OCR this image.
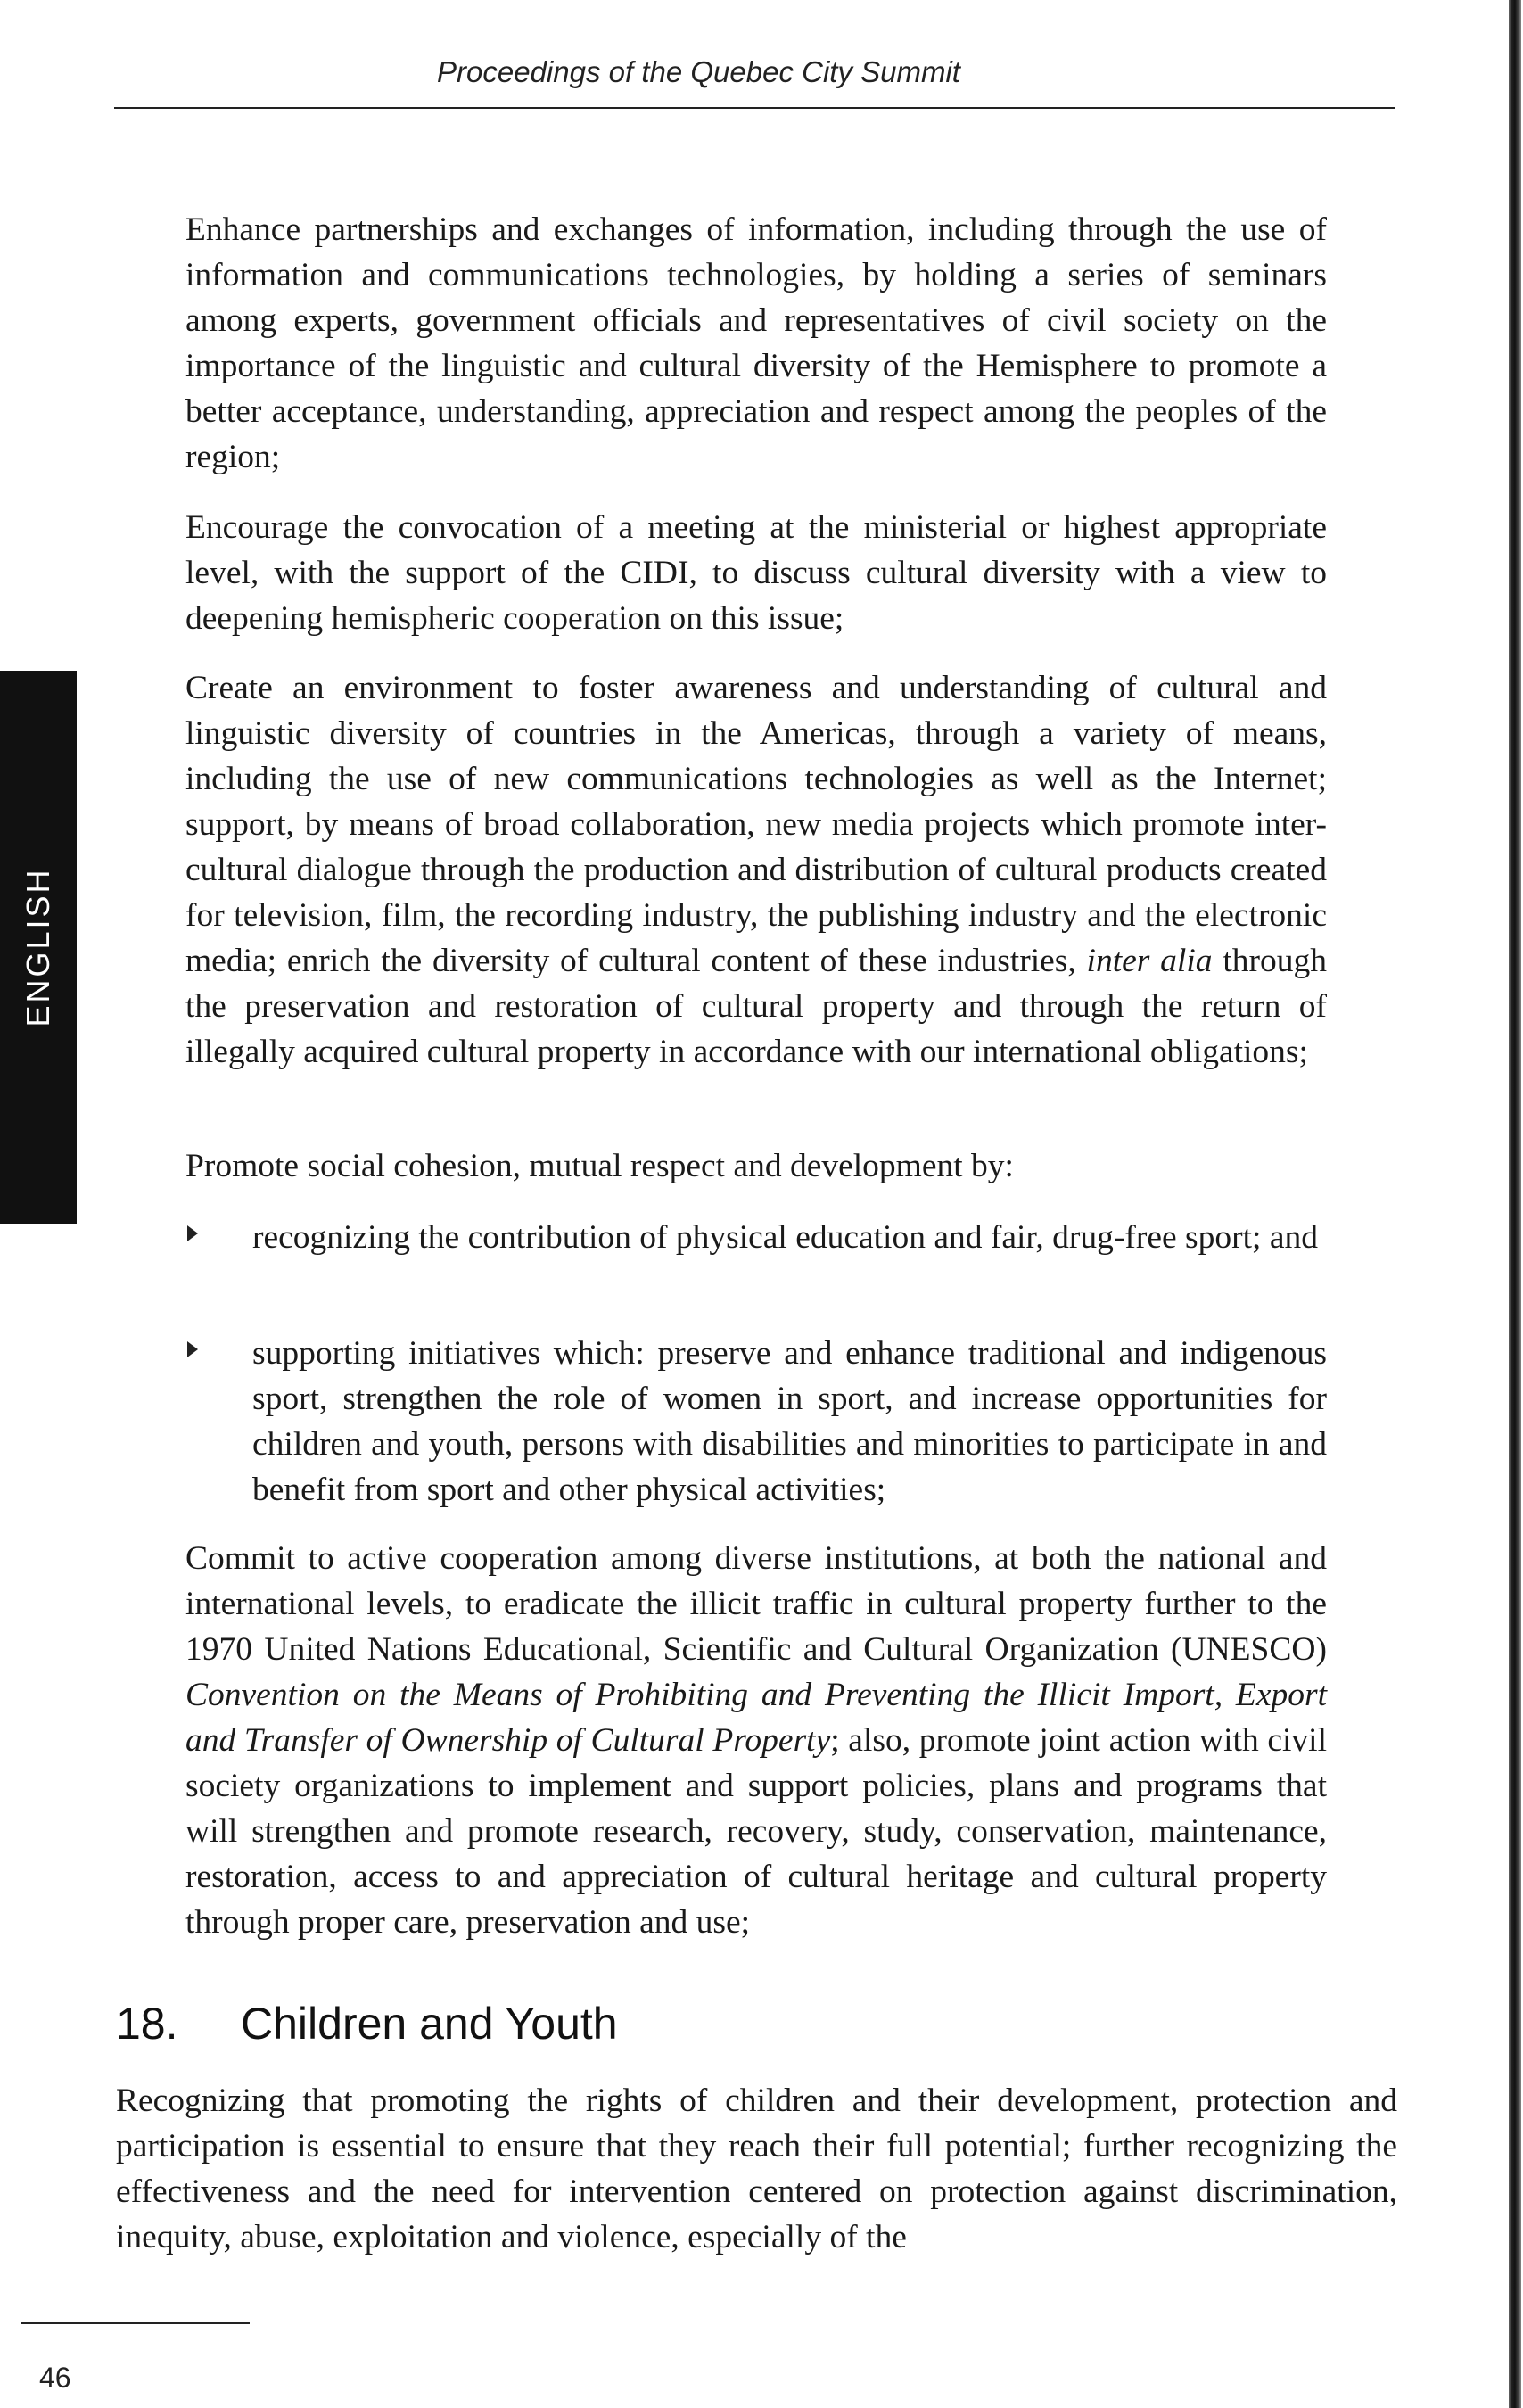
Proceedings of the Quebec City Summit
ENGLISH

Enhance partnerships and exchanges of information, including through the use of information and communications technologies, by holding a series of seminars among experts, government officials and representatives of civil society on the importance of the linguistic and cultural diversity of the Hemisphere to promote a better acceptance, understanding, appreciation and respect among the peoples of the region;

Encourage the convocation of a meeting at the ministerial or highest appropriate level, with the support of the CIDI, to discuss cultural diversity with a view to deepening hemispheric cooperation on this issue;

Create an environment to foster awareness and understanding of cultural and linguistic diversity of countries in the Americas, through a variety of means, including the use of new communications technologies as well as the Internet; support, by means of broad collaboration, new media projects which promote inter-cultural dialogue through the production and distribution of cultural products created for television, film, the recording industry, the publishing industry and the electronic media; enrich the diversity of cultural content of these industries, inter alia through the preservation and restoration of cultural property and through the return of illegally acquired cultural property in accordance with our international obligations;

Promote social cohesion, mutual respect and development by:

recognizing the contribution of physical education and fair, drug-free sport; and
supporting initiatives which: preserve and enhance traditional and indigenous sport, strengthen the role of women in sport, and increase opportunities for children and youth, persons with disabilities and minorities to participate in and benefit from sport and other physical activities;

Commit to active cooperation among diverse institutions, at both the national and international levels, to eradicate the illicit traffic in cultural property further to the 1970 United Nations Educational, Scientific and Cultural Organization (UNESCO) Convention on the Means of Prohibiting and Preventing the Illicit Import, Export and Transfer of Ownership of Cultural Property; also, promote joint action with civil society organizations to implement and support policies, plans and programs that will strengthen and promote research, recovery, study, conservation, maintenance, restoration, access to and appreciation of cultural heritage and cultural property through proper care, preservation and use;

18. Children and Youth

Recognizing that promoting the rights of children and their development, protection and participation is essential to ensure that they reach their full potential; further recognizing the effectiveness and the need for intervention centered on protection against discrimination, inequity, abuse, exploitation and violence, especially of the

46
